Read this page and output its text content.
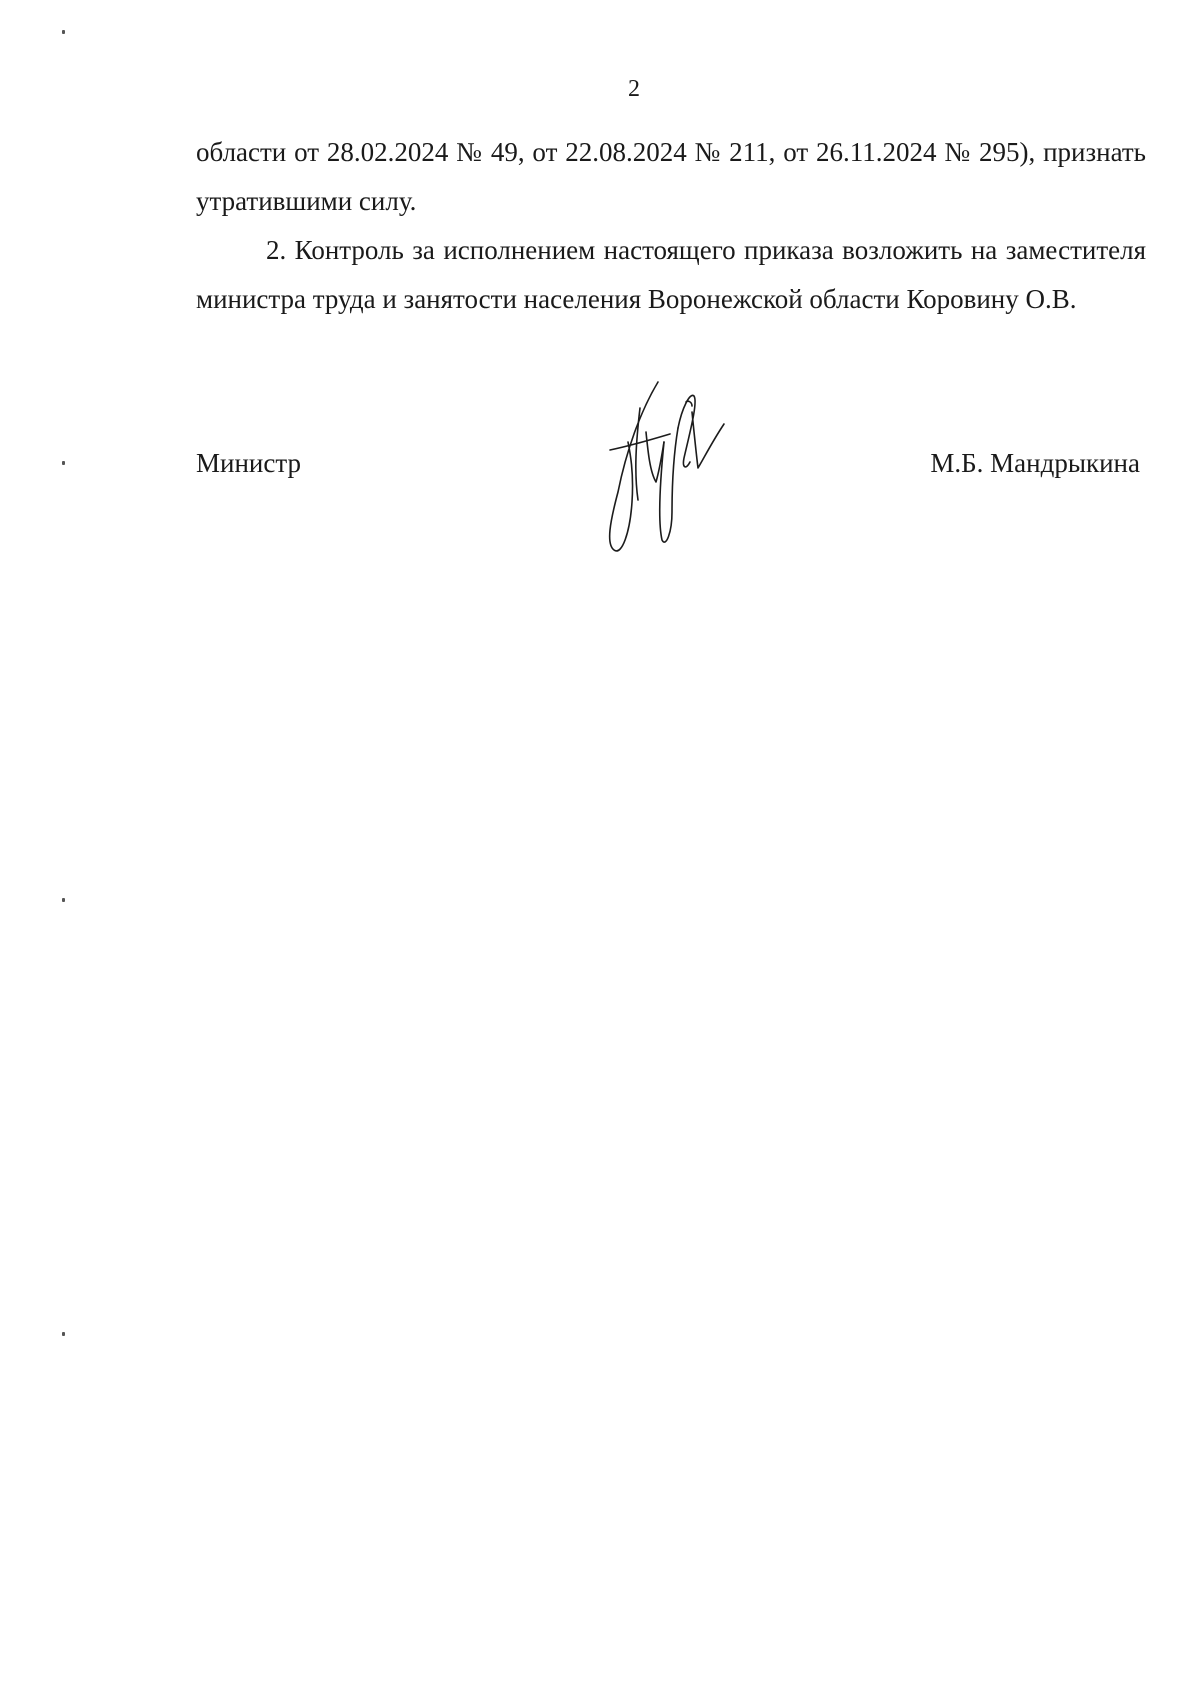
2

области от 28.02.2024 № 49, от 22.08.2024 № 211, от 26.11.2024 № 295), признать утратившими силу.

2. Контроль за исполнением настоящего приказа возложить на заместителя министра труда и занятости населения Воронежской области Коровину О.В.

Министр	М.Б. Мандрыкина
